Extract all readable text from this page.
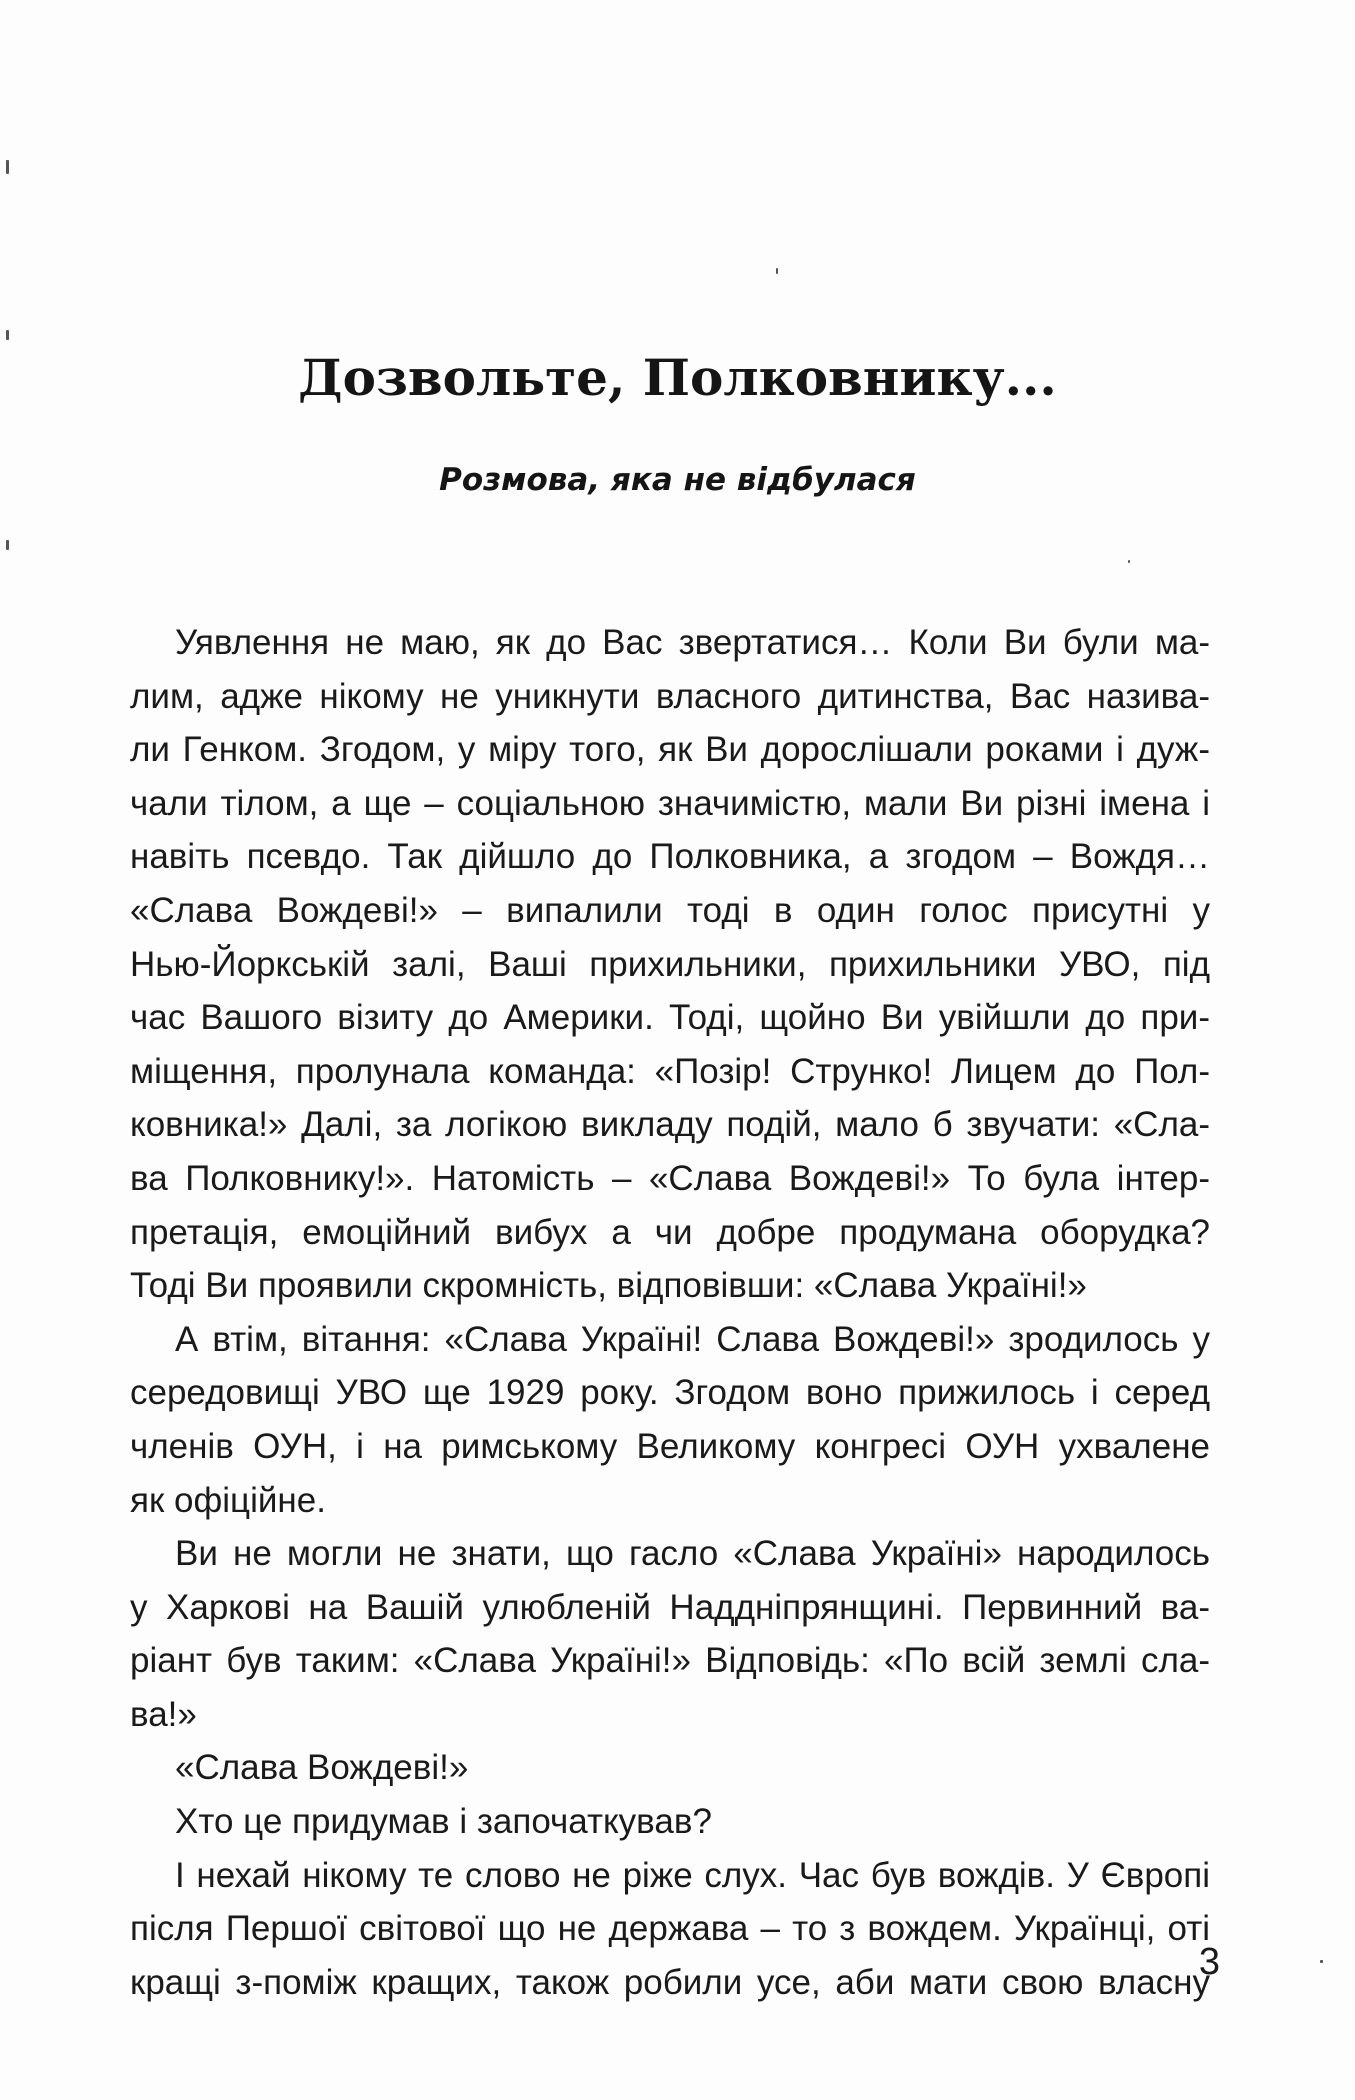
Дозвольте, Полковнику...
Розмова, яка не відбулася
Уявлення не маю, як до Вас звертатися… Коли Ви були ма-
лим, адже нікому не уникнути власного дитинства, Вас назива-
ли Генком. Згодом, у міру того, як Ви дорослішали роками і дуж-
чали тілом, а ще – соціальною значимістю, мали Ви різні імена і
навіть псевдо. Так дійшло до Полковника, а згодом – Вождя…
«Слава Вождеві!» – випалили тоді в один голос присутні у
Нью-Йоркській залі, Ваші прихильники, прихильники УВО, під
час Вашого візиту до Америки. Тоді, щойно Ви увійшли до при-
міщення, пролунала команда: «Позір! Струнко! Лицем до Пол-
ковника!» Далі, за логікою викладу подій, мало б звучати: «Сла-
ва Полковнику!». Натомість – «Слава Вождеві!» То була інтер-
претація, емоційний вибух а чи добре продумана оборудка?
Тоді Ви проявили скромність, відповівши: «Слава Україні!»
А втім, вітання: «Слава Україні! Слава Вождеві!» зродилось у
середовищі УВО ще 1929 року. Згодом воно прижилось і серед
членів ОУН, і на римському Великому конгресі ОУН ухвалене
як офіційне.
Ви не могли не знати, що гасло «Слава Україні» народилось
у Харкові на Вашій улюбленій Наддніпрянщині. Первинний ва-
ріант був таким: «Слава Україні!» Відповідь: «По всій землі сла-
ва!»
«Слава Вождеві!»
Хто це придумав і започаткував?
І нехай нікому те слово не ріже слух. Час був вождів. У Європі
після Першої світової що не держава – то з вождем. Українці, оті
кращі з-поміж кращих, також робили усе, аби мати свою власну
3
